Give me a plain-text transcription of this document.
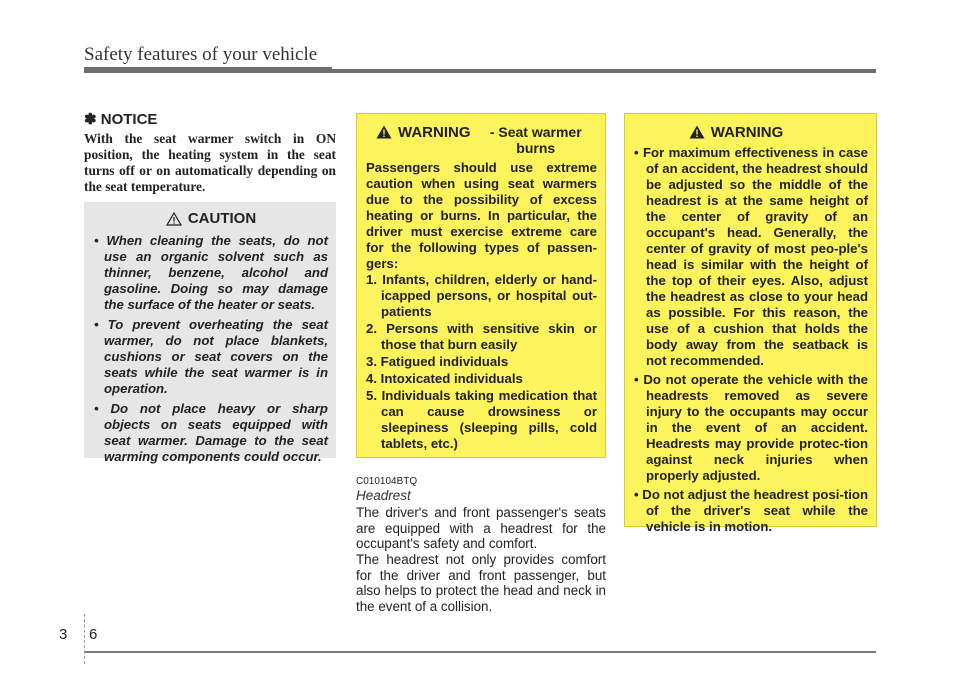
Safety features of your vehicle
✽ NOTICE
With the seat warmer switch in ON position, the heating system in the seat turns off or on automatically depending on the seat temperature.
CAUTION
• When cleaning the seats, do not use an organic solvent such as thinner, benzene, alcohol and gasoline. Doing so may damage the surface of the heater or seats.
• To prevent overheating the seat warmer, do not place blankets, cushions or seat covers on the seats while the seat warmer is in operation.
• Do not place heavy or sharp objects on seats equipped with seat warmer. Damage to the seat warming components could occur.
WARNING	- Seat warmer burns
Passengers should use extreme caution when using seat warmers due to the possibility of excess heating or burns. In particular, the driver must exercise extreme care for the following types of passen-gers:
1. Infants, children, elderly or hand-icapped persons, or hospital out-patients
2. Persons with sensitive skin or those that burn easily
3. Fatigued individuals
4. Intoxicated individuals
5. Individuals taking medication that can cause drowsiness or sleepiness (sleeping pills, cold tablets, etc.)
WARNING
• For maximum effectiveness in case of an accident, the headrest should be adjusted so the middle of the headrest is at the same height of the center of gravity of an occupant's head. Generally, the center of gravity of most peo-ple's head is similar with the height of the top of their eyes. Also, adjust the headrest as close to your head as possible. For this reason, the use of a cushion that holds the body away from the seatback is not recommended.
• Do not operate the vehicle with the headrests removed as severe injury to the occupants may occur in the event of an accident. Headrests may provide protec-tion against neck injuries when properly adjusted.
• Do not adjust the headrest posi-tion of the driver's seat while the vehicle is in motion.
C010104BTQ
Headrest

The driver's and front passenger's seats are equipped with a headrest for the occupant's safety and comfort.

The headrest not only provides comfort for the driver and front passenger, but also helps to protect the head and neck in the event of a collision.

3 6
